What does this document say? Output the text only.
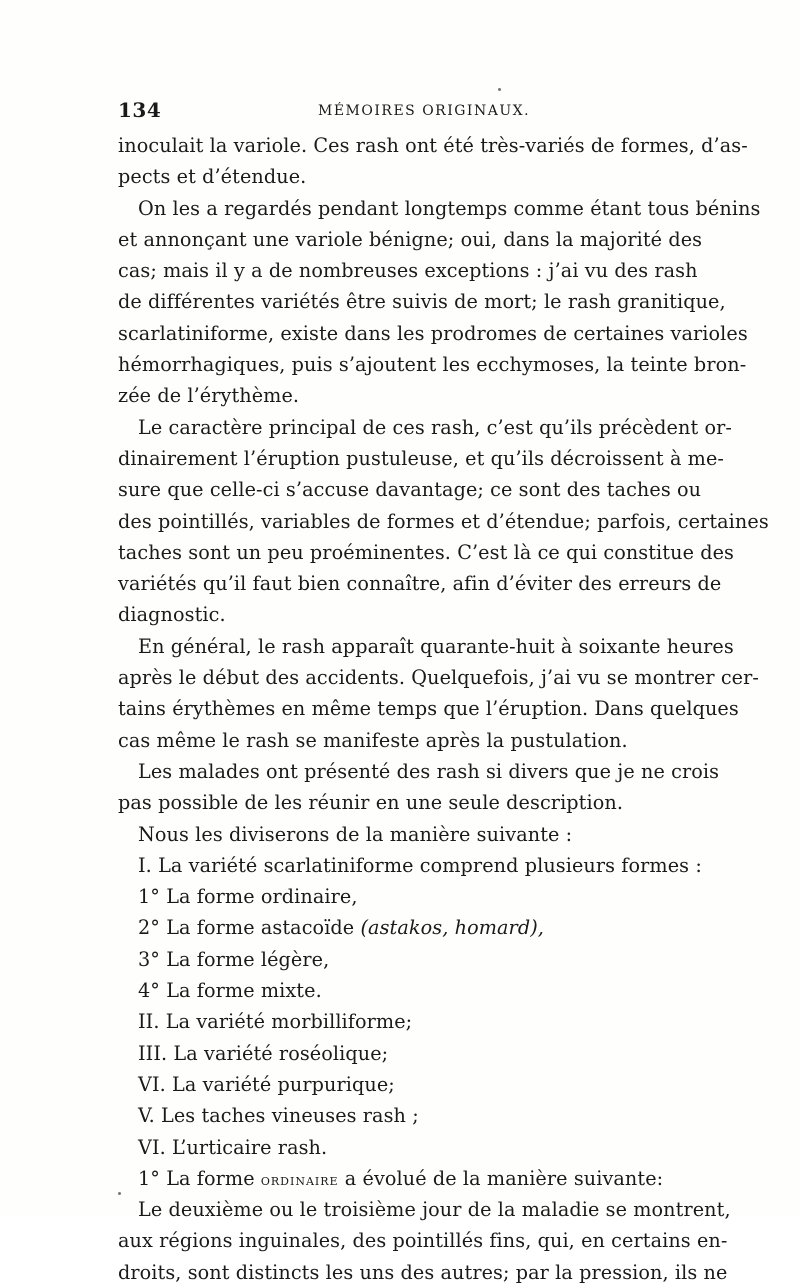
134	MÉMOIRES ORIGINAUX.
inoculait la variole. Ces rash ont été très-variés de formes, d’as-
pects et d’étendue.
On les a regardés pendant longtemps comme étant tous bénins
et annonçant une variole bénigne; oui, dans la majorité des
cas; mais il y a de nombreuses exceptions : j’ai vu des rash
de différentes variétés être suivis de mort; le rash granitique,
scarlatiniforme, existe dans les prodromes de certaines varioles
hémorrhagiques, puis s’ajoutent les ecchymoses, la teinte bron-
zée de l’érythème.
Le caractère principal de ces rash, c’est qu’ils précèdent or-
dinairement l’éruption pustuleuse, et qu’ils décroissent à me-
sure que celle-ci s’accuse davantage; ce sont des taches ou
des pointillés, variables de formes et d’étendue; parfois, certaines
taches sont un peu proéminentes. C’est là ce qui constitue des
variétés qu’il faut bien connaître, afin d’éviter des erreurs de
diagnostic.
En général, le rash apparaît quarante-huit à soixante heures
après le début des accidents. Quelquefois, j’ai vu se montrer cer-
tains érythèmes en même temps que l’éruption. Dans quelques
cas même le rash se manifeste après la pustulation.
Les malades ont présenté des rash si divers que je ne crois
pas possible de les réunir en une seule description.
Nous les diviserons de la manière suivante :
I. La variété scarlatiniforme comprend plusieurs formes :
1° La forme ordinaire,
2° La forme astacoïde (astakos, homard),
3° La forme légère,
4° La forme mixte.
II. La variété morbilliforme;
III. La variété roséolique;
VI. La variété purpurique;
V. Les taches vineuses rash ;
VI. L’urticaire rash.
1° La forme ordinaire a évolué de la manière suivante:
Le deuxième ou le troisième jour de la maladie se montrent,
aux régions inguinales, des pointillés fins, qui, en certains en-
droits, sont distincts les uns des autres; par la pression, ils ne
